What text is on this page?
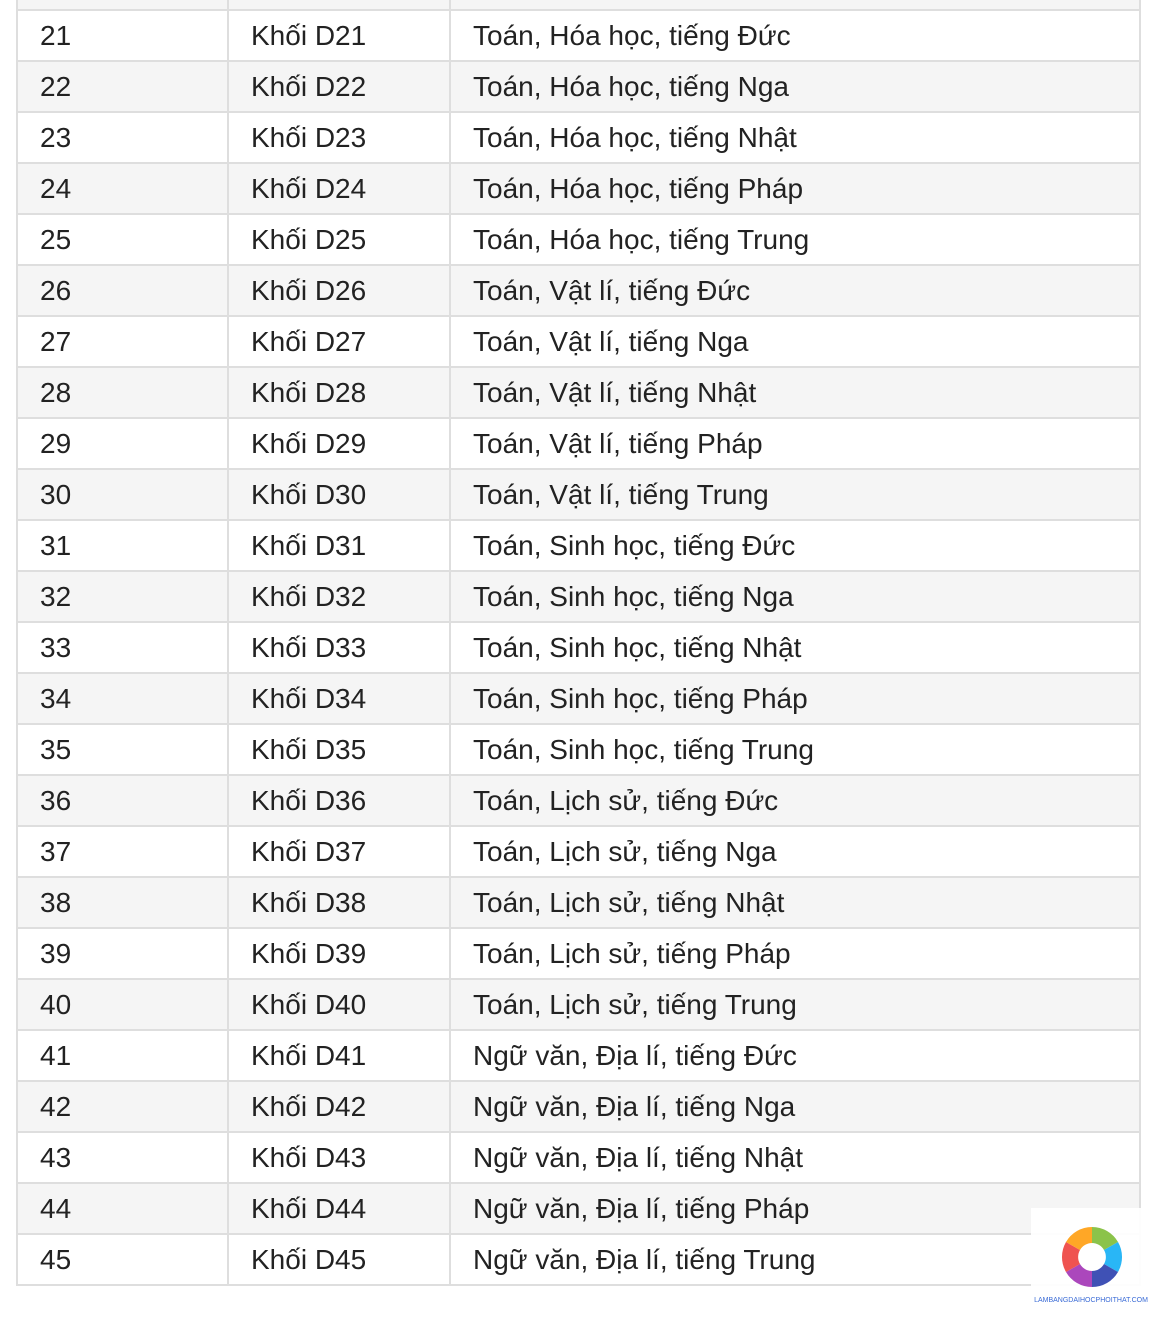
21	Khối D21	Toán, Hóa học, tiếng Đức
22	Khối D22	Toán, Hóa học, tiếng Nga
23	Khối D23	Toán, Hóa học, tiếng Nhật
24	Khối D24	Toán, Hóa học, tiếng Pháp
25	Khối D25	Toán, Hóa học, tiếng Trung
26	Khối D26	Toán, Vật lí, tiếng Đức
27	Khối D27	Toán, Vật lí, tiếng Nga
28	Khối D28	Toán, Vật lí, tiếng Nhật
29	Khối D29	Toán, Vật lí, tiếng Pháp
30	Khối D30	Toán, Vật lí, tiếng Trung
31	Khối D31	Toán, Sinh học, tiếng Đức
32	Khối D32	Toán, Sinh học, tiếng Nga
33	Khối D33	Toán, Sinh học, tiếng Nhật
34	Khối D34	Toán, Sinh học, tiếng Pháp
35	Khối D35	Toán, Sinh học, tiếng Trung
36	Khối D36	Toán, Lịch sử, tiếng Đức
37	Khối D37	Toán, Lịch sử, tiếng Nga
38	Khối D38	Toán, Lịch sử, tiếng Nhật
39	Khối D39	Toán, Lịch sử, tiếng Pháp
40	Khối D40	Toán, Lịch sử, tiếng Trung
41	Khối D41	Ngữ văn, Địa lí, tiếng Đức
42	Khối D42	Ngữ văn, Địa lí, tiếng Nga
43	Khối D43	Ngữ văn, Địa lí, tiếng Nhật
44	Khối D44	Ngữ văn, Địa lí, tiếng Pháp
45	Khối D45	Ngữ văn, Địa lí, tiếng Trung
LAMBANGDAIHOCPHOITHAT.COM
